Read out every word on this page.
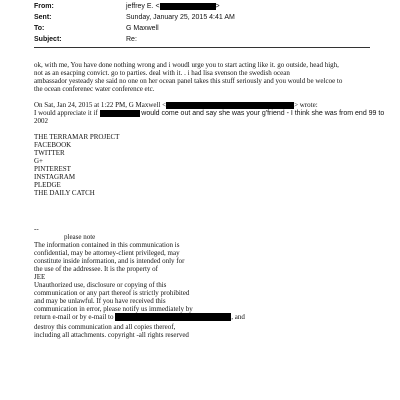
From:	jeffrey E. <	>
Sent:	Sunday, January 25, 2015 4:41 AM
To:	G Maxwell
Subject:	Re:
ok, with me, You have done nothing wrong and i woudl urge you to start acting like it. go outside, head high,
not as an esacping convict. go to parties. deal with it. . i had lisa svenson the swedish ocean
ambassador yesteady she said no one on her ocean panel takes this stuff seriously and you would be welcoe to
the ocean conferenec water conference etc.
On Sat, Jan 24, 2015 at 1:22 PM, G Maxwell <	> wrote:
I would appreciate it if	would come out and say she was your g'friend - I think she was from end 99 to
2002
THE TERRAMAR PROJECT
FACEBOOK
TWITTER
G+
PINTEREST
INSTAGRAM
PLEDGE
THE DAILY CATCH
--
please note
The information contained in this communication is
confidential, may be attorney-client privileged, may
constitute inside information, and is intended only for
the use of the addressee. It is the property of
JEE
Unauthorized use, disclosure or copying of this
communication or any part thereof is strictly prohibited
and may be unlawful. If you have received this
communication in error, please notify us immediately by
return e-mail or by e-mail to	, and
destroy this communication and all copies thereof,
including all attachments. copyright -all rights reserved
